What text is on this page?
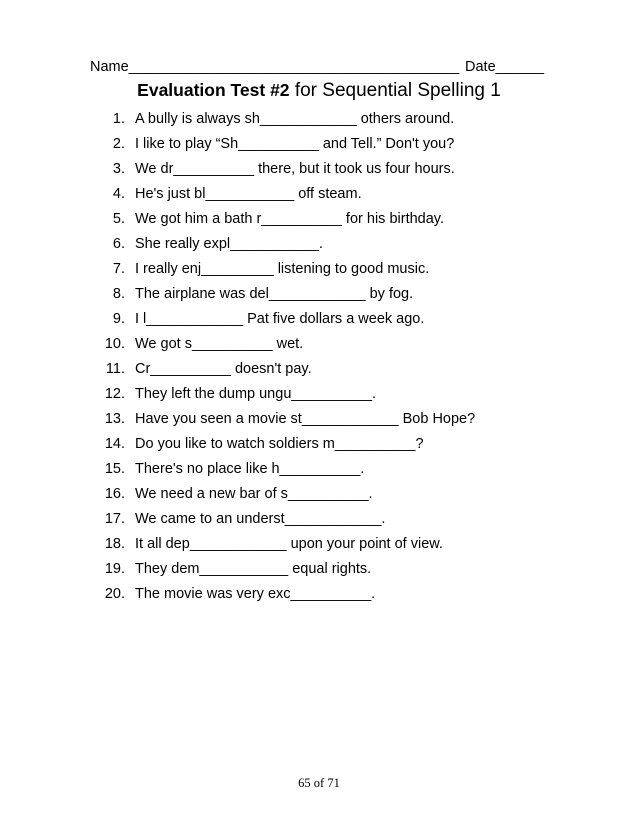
Name_________________________________________ Date______
Evaluation Test #2 for Sequential Spelling 1
1. A bully is always sh____________ others around.
2. I like to play “Sh__________ and Tell.” Don't you?
3. We dr__________ there, but it took us four hours.
4. He's just bl___________ off steam.
5. We got him a bath r__________ for his birthday.
6. She really expl___________.
7. I really enj_________ listening to good music.
8. The airplane was del____________ by fog.
9. I l____________ Pat five dollars a week ago.
10. We got s__________ wet.
11. Cr__________ doesn't pay.
12. They left the dump ungu__________.
13. Have you seen a movie st____________ Bob Hope?
14. Do you like to watch soldiers m__________?
15. There's no place like h__________.
16. We need a new bar of s__________.
17. We came to an underst____________.
18. It all dep____________ upon your point of view.
19. They dem___________ equal rights.
20. The movie was very exc__________.
65 of 71
